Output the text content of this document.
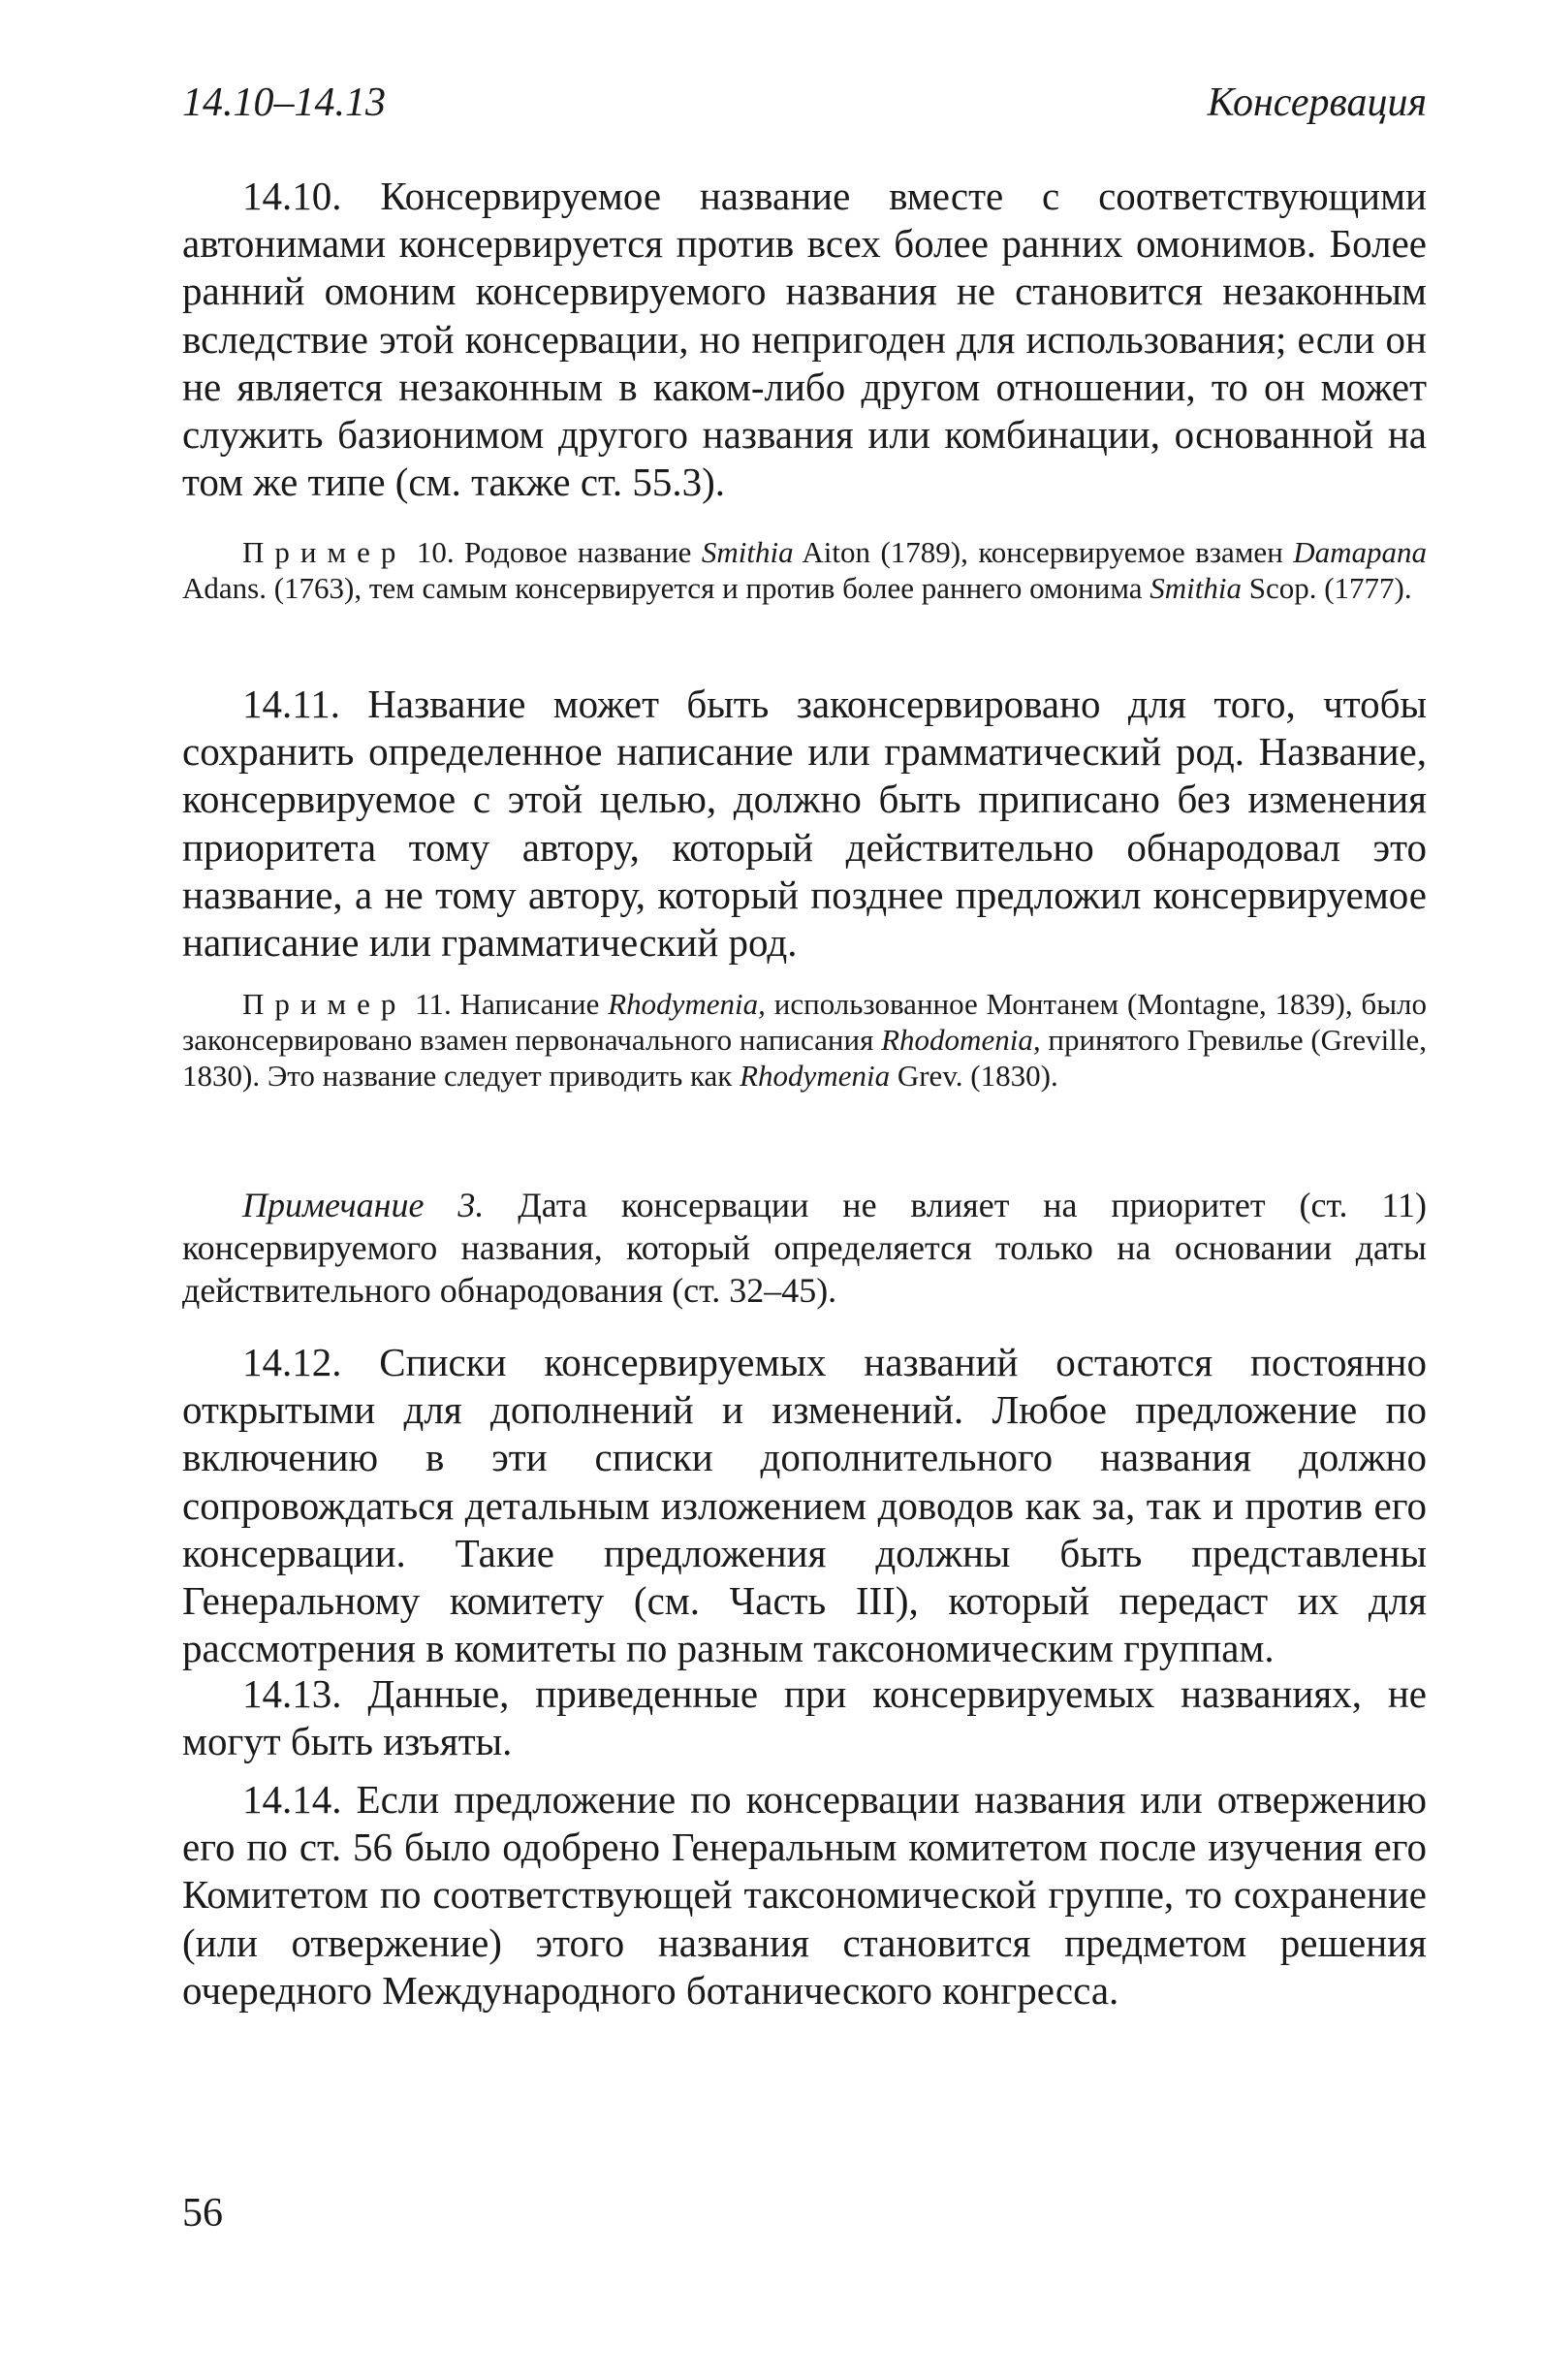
14.10–14.13	Консервация

14.10. Консервируемое название вместе с соответствующими автонимами консервируется против всех более ранних омонимов. Более ранний омоним консервируемого названия не становится незаконным вследствие этой консервации, но непригоден для использования; если он не является незаконным в каком-либо другом отношении, то он может служить базионимом другого названия или комбинации, основанной на том же типе (см. также ст. 55.3).

Пример 10. Родовое название Smithia Aiton (1789), консервируемое взамен Damapana Adans. (1763), тем самым консервируется и против более раннего омонима Smithia Scop. (1777).

14.11. Название может быть законсервировано для того, чтобы сохранить определенное написание или грамматический род. Название, консервируемое с этой целью, должно быть приписано без изменения приоритета тому автору, который действительно обнародовал это название, а не тому автору, который позднее предложил консервируемое написание или грамматический род.

Пример 11. Написание Rhodymenia, использованное Монтанем (Montagne, 1839), было законсервировано взамен первоначального написания Rhodomenia, принятого Гревилье (Greville, 1830). Это название следует приводить как Rhodymenia Grev. (1830).

Примечание 3. Дата консервации не влияет на приоритет (ст. 11) консервируемого названия, который определяется только на основании даты действительного обнародования (ст. 32–45).

14.12. Списки консервируемых названий остаются постоянно открытыми для дополнений и изменений. Любое предложение по включению в эти списки дополнительного названия должно сопровождаться детальным изложением доводов как за, так и против его консервации. Такие предложения должны быть представлены Генеральному комитету (см. Часть III), который передаст их для рассмотрения в комитеты по разным таксономическим группам.

14.13. Данные, приведенные при консервируемых названиях, не могут быть изъяты.

14.14. Если предложение по консервации названия или отвержению его по ст. 56 было одобрено Генеральным комитетом после изучения его Комитетом по соответствующей таксономической группе, то сохранение (или отвержение) этого названия становится предметом решения очередного Международного ботанического конгресса.

56
